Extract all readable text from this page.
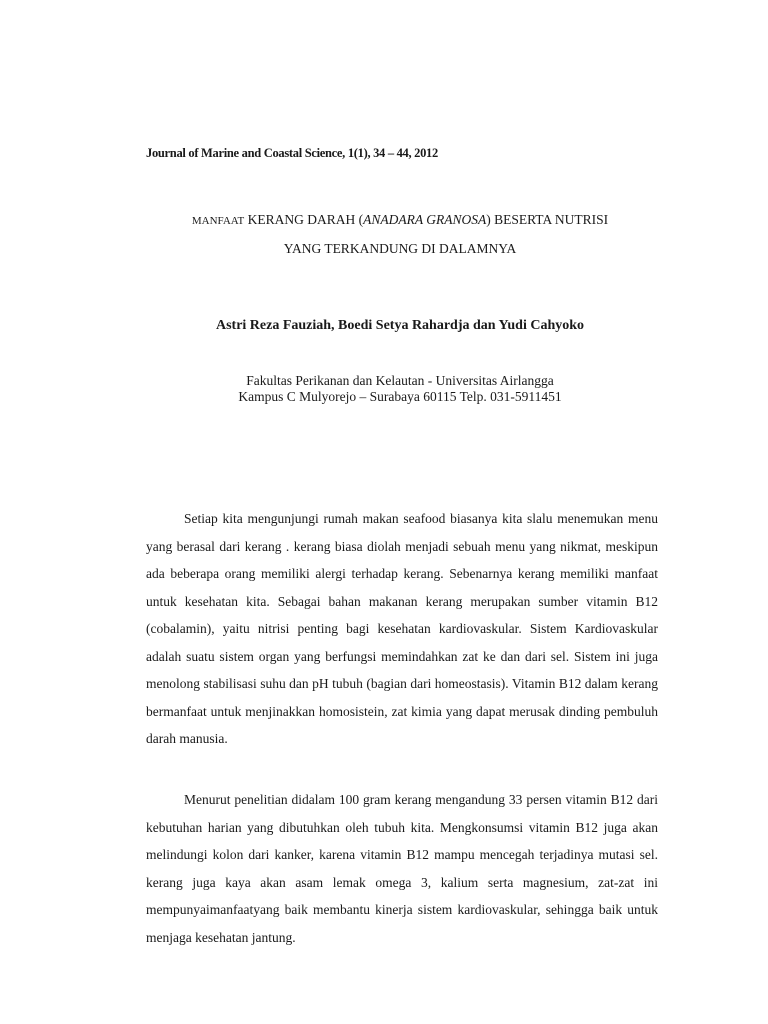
Journal of Marine and Coastal Science, 1(1), 34 – 44, 2012
MANFAAT KERANG DARAH (ANADARA GRANOSA) BESERTA NUTRISI
YANG TERKANDUNG DI DALAMNYA
Astri Reza Fauziah, Boedi Setya Rahardja dan Yudi Cahyoko
Fakultas Perikanan dan Kelautan - Universitas Airlangga
Kampus C Mulyorejo – Surabaya 60115 Telp. 031-5911451

Setiap kita mengunjungi rumah makan seafood biasanya kita slalu menemukan menu yang berasal dari kerang . kerang biasa diolah menjadi sebuah menu yang nikmat, meskipun ada beberapa orang memiliki alergi terhadap kerang. Sebenarnya kerang memiliki manfaat untuk kesehatan kita. Sebagai bahan makanan kerang merupakan sumber vitamin B12 (cobalamin), yaitu nitrisi penting bagi kesehatan kardiovaskular. Sistem Kardiovaskular adalah suatu sistem organ yang berfungsi memindahkan zat ke dan dari sel. Sistem ini juga menolong stabilisasi suhu dan pH tubuh (bagian dari homeostasis). Vitamin B12 dalam kerang bermanfaat untuk menjinakkan homosistein, zat kimia yang dapat merusak dinding pembuluh darah manusia.

Menurut penelitian didalam 100 gram kerang mengandung 33 persen vitamin B12 dari kebutuhan harian yang dibutuhkan oleh tubuh kita. Mengkonsumsi vitamin B12 juga akan melindungi kolon dari kanker, karena vitamin B12 mampu mencegah terjadinya mutasi sel. kerang juga kaya akan asam lemak omega 3, kalium serta magnesium, zat-zat ini mempunyaimanfaatyang baik membantu kinerja sistem kardiovaskular, sehingga baik untuk menjaga kesehatan jantung.
